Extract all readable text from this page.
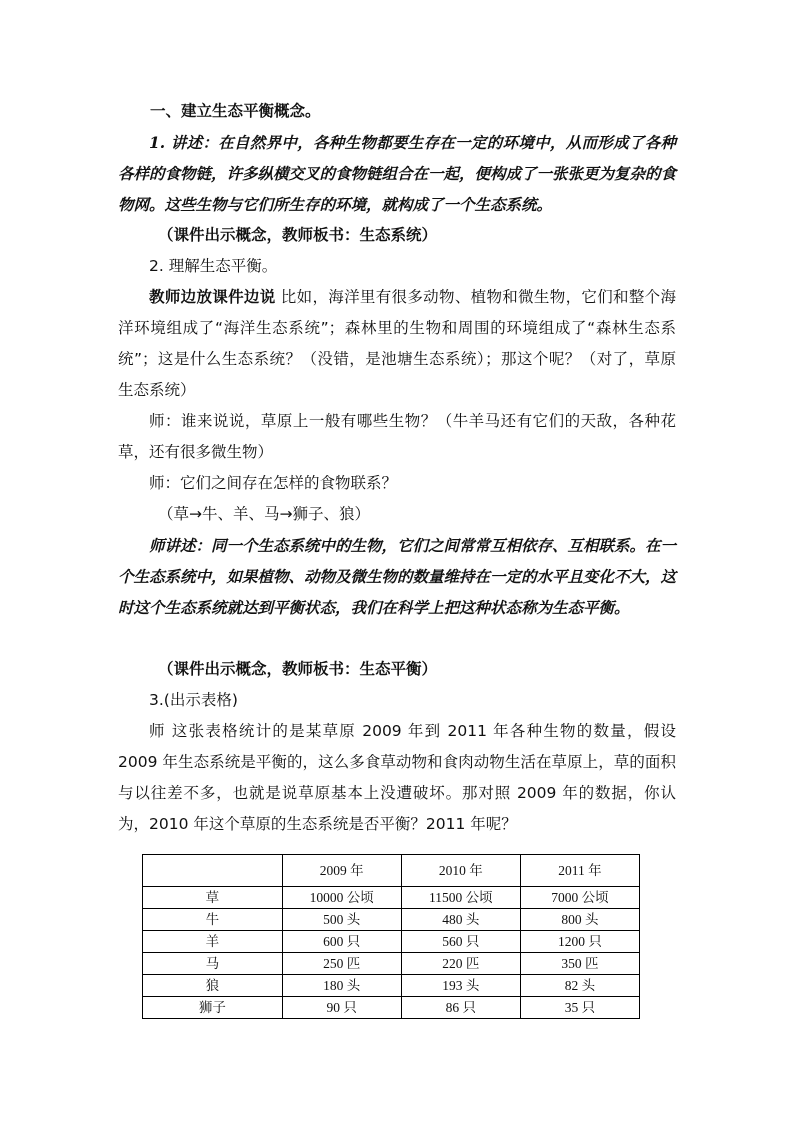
一、建立生态平衡概念。

1. 讲述：在自然界中，各种生物都要生存在一定的环境中，从而形成了各种各样的食物链，许多纵横交叉的食物链组合在一起，便构成了一张张更为复杂的食物网。这些生物与它们所生存的环境，就构成了一个生态系统。

（课件出示概念，教师板书：生态系统）

2. 理解生态平衡。

教师边放课件边说 比如，海洋里有很多动物、植物和微生物，它们和整个海洋环境组成了“海洋生态系统”；森林里的生物和周围的环境组成了“森林生态系统”；这是什么生态系统？（没错，是池塘生态系统）；那这个呢？（对了，草原生态系统）

师：谁来说说，草原上一般有哪些生物？（牛羊马还有它们的天敌，各种花草，还有很多微生物）

师：它们之间存在怎样的食物联系？

（草→牛、羊、马→狮子、狼）

师讲述：同一个生态系统中的生物，它们之间常常互相依存、互相联系。在一个生态系统中，如果植物、动物及微生物的数量维持在一定的水平且变化不大，这时这个生态系统就达到平衡状态，我们在科学上把这种状态称为生态平衡。

（课件出示概念，教师板书：生态平衡）

3.(出示表格)

师 这张表格统计的是某草原 2009 年到 2011 年各种生物的数量，假设 2009 年生态系统是平衡的，这么多食草动物和食肉动物生活在草原上，草的面积与以往差不多，也就是说草原基本上没遭破坏。那对照 2009 年的数据，你认为，2010 年这个草原的生态系统是否平衡？2011 年呢？

	2009 年	2010 年	2011 年
草	10000 公顷	11500 公顷	7000 公顷
牛	500 头	480 头	800 头
羊	600 只	560 只	1200 只
马	250 匹	220 匹	350 匹
狼	180 头	193 头	82 头
狮子	90 只	86 只	35 只
